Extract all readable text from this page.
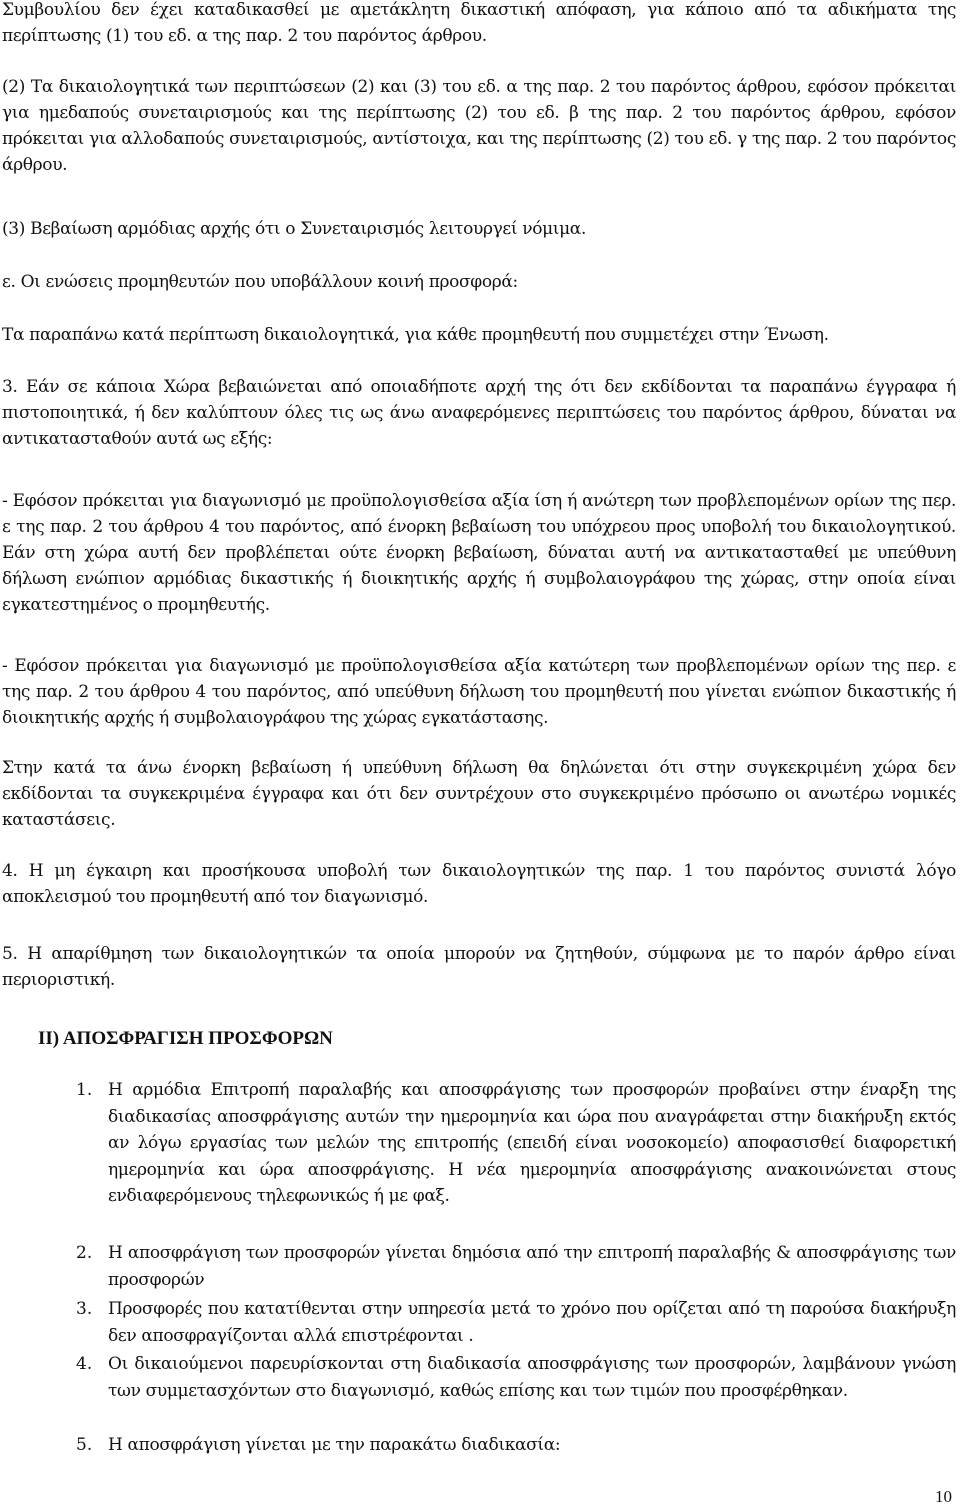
Συμβουλίου δεν έχει καταδικασθεί με αμετάκλητη δικαστική απόφαση, για κάποιο από τα αδικήματα της περίπτωσης (1) του εδ. α της παρ. 2 του παρόντος άρθρου.

(2) Τα δικαιολογητικά των περιπτώσεων (2) και (3) του εδ. α της παρ. 2 του παρόντος άρθρου, εφόσον πρόκειται για ημεδαπούς συνεταιρισμούς και της περίπτωσης (2) του εδ. β της παρ. 2 του παρόντος άρθρου, εφόσον πρόκειται για αλλοδαπούς συνεταιρισμούς, αντίστοιχα, και της περίπτωσης (2) του εδ. γ της παρ. 2 του παρόντος άρθρου.

(3) Βεβαίωση αρμόδιας αρχής ότι ο Συνεταιρισμός λειτουργεί νόμιμα.

ε. Οι ενώσεις προμηθευτών που υποβάλλουν κοινή προσφορά:

Τα παραπάνω κατά περίπτωση δικαιολογητικά, για κάθε προμηθευτή που συμμετέχει στην Ένωση.

3. Εάν σε κάποια Χώρα βεβαιώνεται από οποιαδήποτε αρχή της ότι δεν εκδίδονται τα παραπάνω έγγραφα ή πιστοποιητικά, ή δεν καλύπτουν όλες τις ως άνω αναφερόμενες περιπτώσεις του παρόντος άρθρου, δύναται να αντικατασταθούν αυτά ως εξής:

- Εφόσον πρόκειται για διαγωνισμό με προϋπολογισθείσα αξία ίση ή ανώτερη των προβλεπομένων ορίων της περ. ε της παρ. 2 του άρθρου 4 του παρόντος, από ένορκη βεβαίωση του υπόχρεου προς υποβολή του δικαιολογητικού. Εάν στη χώρα αυτή δεν προβλέπεται ούτε ένορκη βεβαίωση, δύναται αυτή να αντικατασταθεί με υπεύθυνη δήλωση ενώπιον αρμόδιας δικαστικής ή διοικητικής αρχής ή συμβολαιογράφου της χώρας, στην οποία είναι εγκατεστημένος ο προμηθευτής.

- Εφόσον πρόκειται για διαγωνισμό με προϋπολογισθείσα αξία κατώτερη των προβλεπομένων ορίων της περ. ε της παρ. 2 του άρθρου 4 του παρόντος, από υπεύθυνη δήλωση του προμηθευτή που γίνεται ενώπιον δικαστικής ή διοικητικής αρχής ή συμβολαιογράφου της χώρας εγκατάστασης.

Στην κατά τα άνω ένορκη βεβαίωση ή υπεύθυνη δήλωση θα δηλώνεται ότι στην συγκεκριμένη χώρα δεν εκδίδονται τα συγκεκριμένα έγγραφα και ότι δεν συντρέχουν στο συγκεκριμένο πρόσωπο οι ανωτέρω νομικές καταστάσεις.

4. Η μη έγκαιρη και προσήκουσα υποβολή των δικαιολογητικών της παρ. 1 του παρόντος συνιστά λόγο αποκλεισμού του προμηθευτή από τον διαγωνισμό.

5. Η απαρίθμηση των δικαιολογητικών τα οποία μπορούν να ζητηθούν, σύμφωνα με το παρόν άρθρο είναι περιοριστική.

ΙΙ) ΑΠΟΣΦΡΑΓΙΣΗ ΠΡΟΣΦΟΡΩΝ
1. Η αρμόδια Επιτροπή παραλαβής και αποσφράγισης των προσφορών προβαίνει στην έναρξη της διαδικασίας αποσφράγισης αυτών την ημερομηνία και ώρα που αναγράφεται στην διακήρυξη εκτός αν λόγω εργασίας των μελών της επιτροπής (επειδή είναι νοσοκομείο) αποφασισθεί διαφορετική ημερομηνία και ώρα αποσφράγισης. Η νέα ημερομηνία αποσφράγισης ανακοινώνεται στους ενδιαφερόμενους τηλεφωνικώς ή με φαξ.
2. Η αποσφράγιση των προσφορών γίνεται δημόσια από την επιτροπή παραλαβής & αποσφράγισης των προσφορών
3. Προσφορές που κατατίθενται στην υπηρεσία μετά το χρόνο που ορίζεται από τη παρούσα διακήρυξη δεν αποσφραγίζονται αλλά επιστρέφονται .
4. Οι δικαιούμενοι παρευρίσκονται στη διαδικασία αποσφράγισης των προσφορών, λαμβάνουν γνώση των συμμετασχόντων στο διαγωνισμό, καθώς επίσης και των τιμών που προσφέρθηκαν.
5. Η αποσφράγιση γίνεται με την παρακάτω διαδικασία:
10
